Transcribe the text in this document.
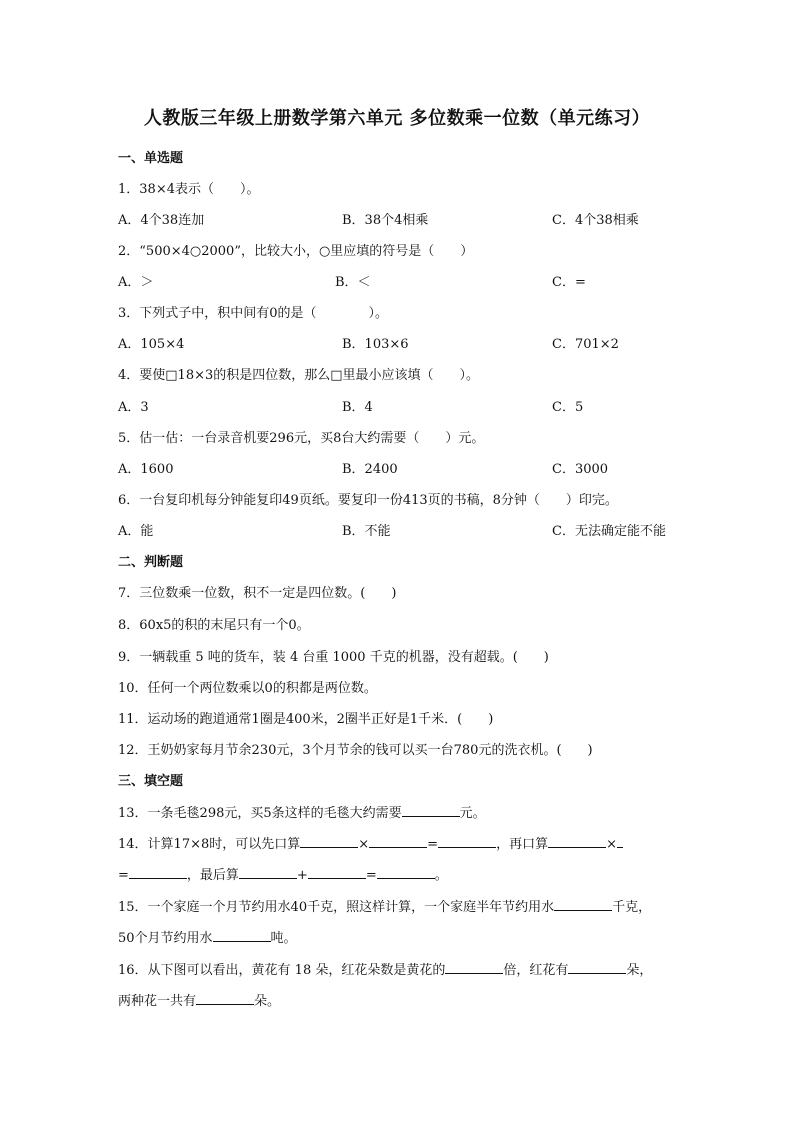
人教版三年级上册数学第六单元 多位数乘一位数（单元练习）
一、单选题
1．38×4表示（　　）。
A．4个38连加	B．38个4相乘	C．4个38相乘
2．“500×4○2000”，比较大小，○里应填的符号是（　　）
A．＞	B．＜	C．=
3．下列式子中，积中间有0的是（　　　　）。
A．105×4	B．103×6	C．701×2
4．要使□18×3的积是四位数，那么□里最小应该填（　　）。
A．3	B．4	C．5
5．估一估：一台录音机要296元，买8台大约需要（　　）元。
A．1600	B．2400	C．3000
6．一台复印机每分钟能复印49页纸。要复印一份413页的书稿，8分钟（　　）印完。
A．能	B．不能	C．无法确定能不能
二、判断题
7．三位数乘一位数，积不一定是四位数。(　　)
8．60x5的积的末尾只有一个0。
9．一辆载重 5 吨的货车，装 4 台重 1000 千克的机器，没有超载。(　　)
10．任何一个两位数乘以0的积都是两位数。
11．运动场的跑道通常1圈是400米，2圈半正好是1千米．(　　)
12．王奶奶家每月节余230元，3个月节余的钱可以买一台780元的洗衣机。(　　)
三、填空题
13．一条毛毯298元，买5条这样的毛毯大约需要	元。
14．计算17×8时，可以先口算	×	=	，再口算	×
=	，最后算	+	=	。
15．一个家庭一个月节约用水40千克，照这样计算，一个家庭半年节约用水	千克，
50个月节约用水	吨。
16．从下图可以看出，黄花有 18 朵，红花朵数是黄花的	倍，红花有	朵，
两种花一共有	朵。
